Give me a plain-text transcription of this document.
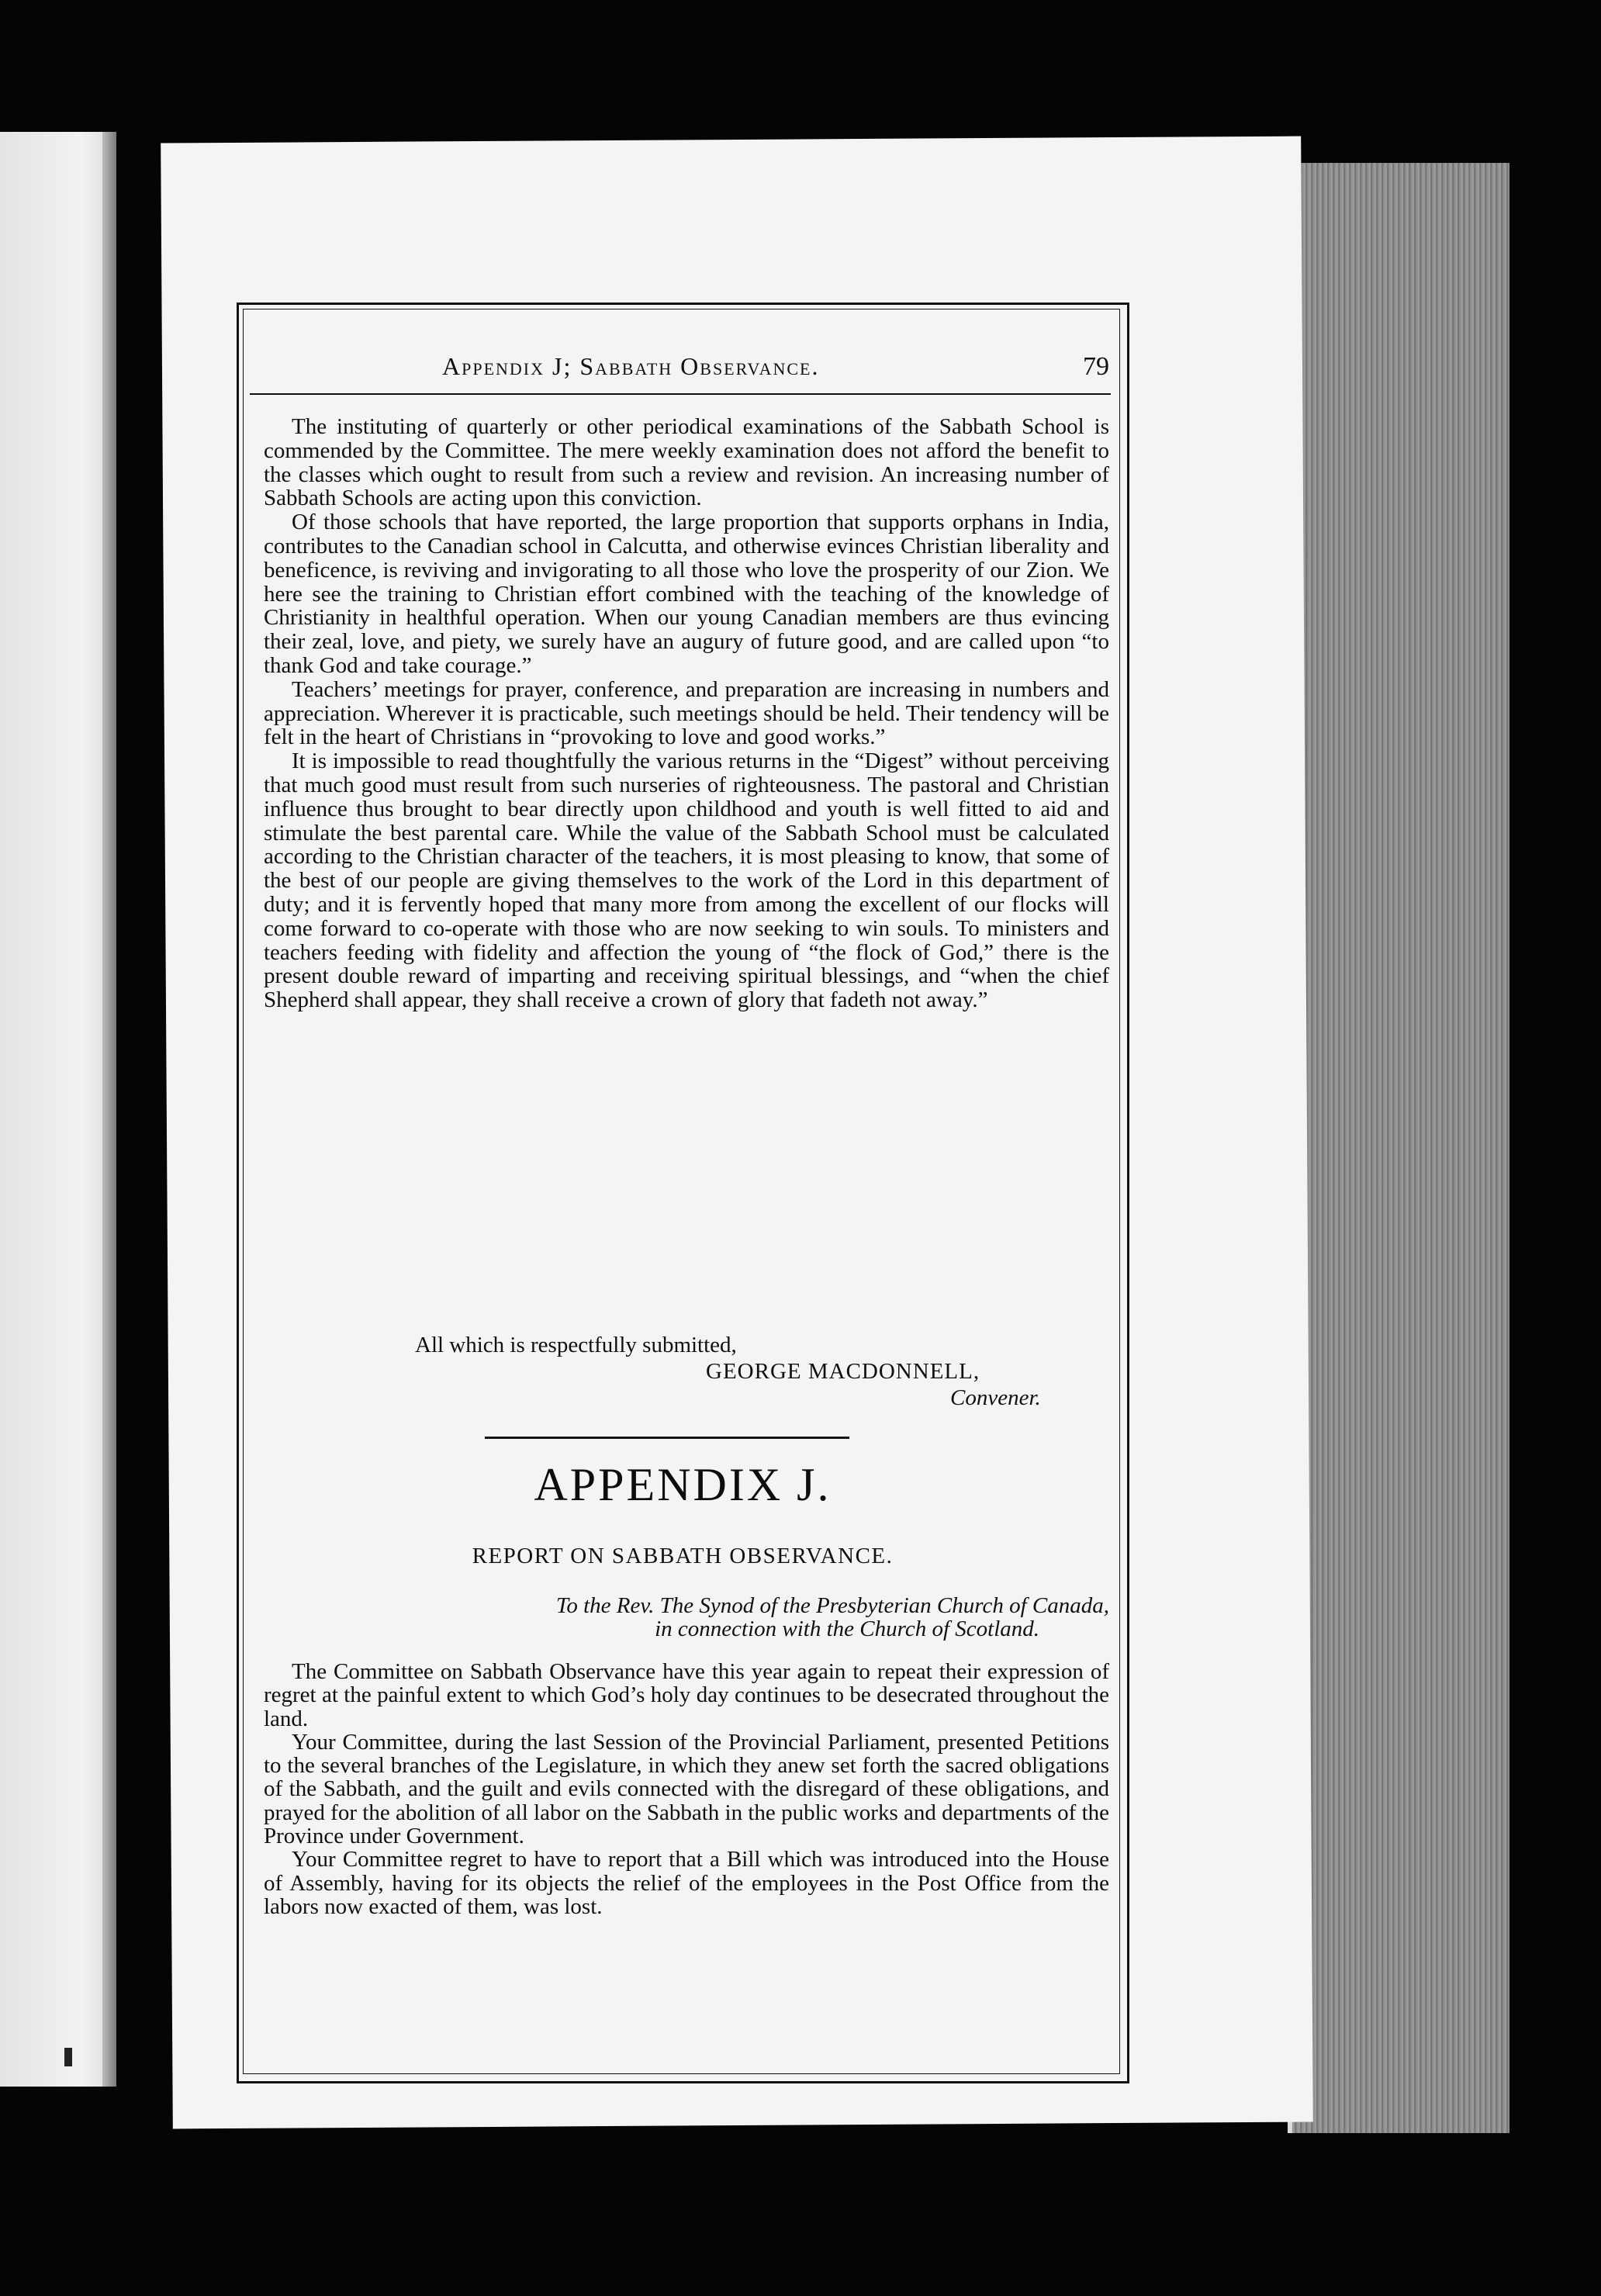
Appendix J; Sabbath Observance.	79

The instituting of quarterly or other periodical examinations of the Sabbath School is commended by the Committee. The mere weekly examination does not afford the benefit to the classes which ought to result from such a review and revision. An increasing number of Sabbath Schools are acting upon this conviction.

Of those schools that have reported, the large proportion that supports orphans in India, contributes to the Canadian school in Calcutta, and otherwise evinces Christian liberality and beneficence, is reviving and invigorating to all those who love the prosperity of our Zion. We here see the training to Christian effort combined with the teaching of the knowledge of Christianity in healthful operation. When our young Canadian members are thus evincing their zeal, love, and piety, we surely have an augury of future good, and are called upon “to thank God and take courage.”

Teachers’ meetings for prayer, conference, and preparation are increasing in numbers and appreciation. Wherever it is practicable, such meetings should be held. Their tendency will be felt in the heart of Christians in “provoking to love and good works.”

It is impossible to read thoughtfully the various returns in the “Digest” without perceiving that much good must result from such nurseries of righteousness. The pastoral and Christian influence thus brought to bear directly upon childhood and youth is well fitted to aid and stimulate the best parental care. While the value of the Sabbath School must be calculated according to the Christian character of the teachers, it is most pleasing to know, that some of the best of our people are giving themselves to the work of the Lord in this department of duty; and it is fervently hoped that many more from among the excellent of our flocks will come forward to co-operate with those who are now seeking to win souls. To ministers and teachers feeding with fidelity and affection the young of “the flock of God,” there is the present double reward of imparting and receiving spiritual blessings, and “when the chief Shepherd shall appear, they shall receive a crown of glory that fadeth not away.”

All which is respectfully submitted,
GEORGE MACDONNELL,
Convener.
APPENDIX J.
REPORT ON SABBATH OBSERVANCE.
To the Rev. The Synod of the Presbyterian Church of Canada,
in connection with the Church of Scotland.

The Committee on Sabbath Observance have this year again to repeat their expression of regret at the painful extent to which God’s holy day continues to be desecrated throughout the land.

Your Committee, during the last Session of the Provincial Parliament, presented Petitions to the several branches of the Legislature, in which they anew set forth the sacred obligations of the Sabbath, and the guilt and evils connected with the disregard of these obligations, and prayed for the abolition of all labor on the Sabbath in the public works and departments of the Province under Government.

Your Committee regret to have to report that a Bill which was introduced into the House of Assembly, having for its objects the relief of the employees in the Post Office from the labors now exacted of them, was lost.
